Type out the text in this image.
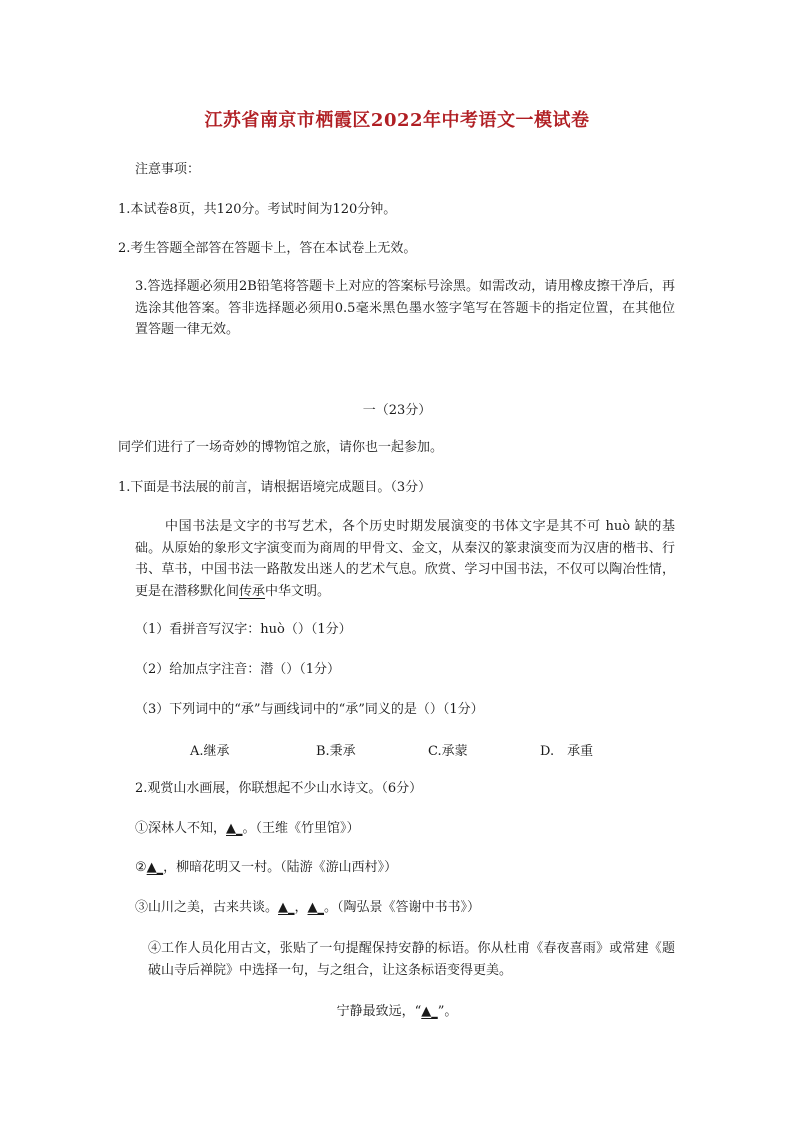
江苏省南京市栖霞区2022年中考语文一模试卷
注意事项：
1.本试卷8页，共120分。考试时间为120分钟。
2.考生答题全部答在答题卡上，答在本试卷上无效。
3.答选择题必须用2B铅笔将答题卡上对应的答案标号涂黑。如需改动，请用橡皮擦干净后，再选涂其他答案。答非选择题必须用0.5毫米黑色墨水签字笔写在答题卡的指定位置，在其他位置答题一律无效。
一（23分）
同学们进行了一场奇妙的博物馆之旅，请你也一起参加。
1.下面是书法展的前言，请根据语境完成题目。（3分）
中国书法是文字的书写艺术，各个历史时期发展演变的书体文字是其不可 huò 缺的基础。从原始的象形文字演变而为商周的甲骨文、金文，从秦汉的篆隶演变而为汉唐的楷书、行书、草书，中国书法一路散发出迷人的艺术气息。欣赏、学习中国书法，不仅可以陶冶性情，更是在潜移默化间传承中华文明。
（1）看拼音写汉字：huò（）（1分）
（2）给加点字注音：潜（）（1分）
（3）下列词中的“承”与画线词中的“承”同义的是（）（1分）
A.继承	B.秉承	C.承蒙	D.　承重
2.观赏山水画展，你联想起不少山水诗文。（6分）
①深林人不知，▲_。（王维《竹里馆》）
②▲_，柳暗花明又一村。（陆游《游山西村》）
③山川之美，古来共谈。▲_，▲_。（陶弘景《答谢中书书》）
④工作人员化用古文，张贴了一句提醒保持安静的标语。你从杜甫《春夜喜雨》或常建《题破山寺后禅院》中选择一句，与之组合，让这条标语变得更美。
宁静最致远，“▲_”。
